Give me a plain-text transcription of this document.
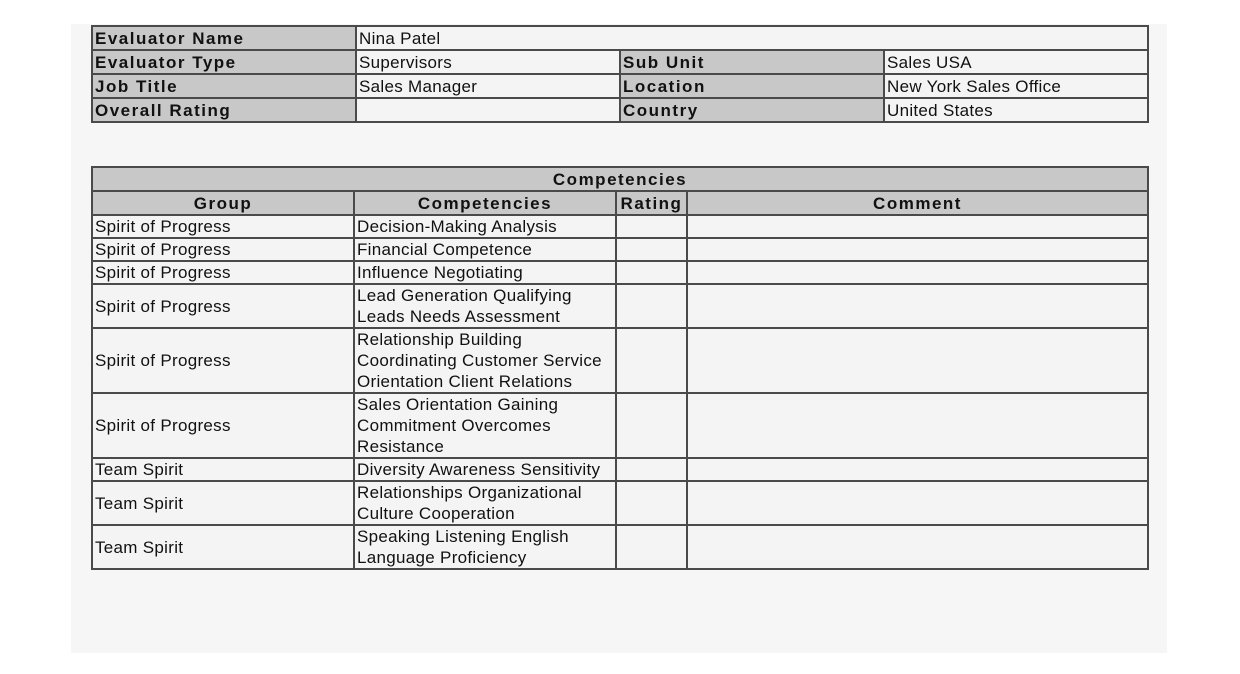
Evaluator Name	Nina Patel		
Evaluator Type	Supervisors	Sub Unit	Sales USA
Job Title	Sales Manager	Location	New York Sales Office
Overall Rating		Country	United States
Competencies			
Group	Competencies	Rating	Comment
Spirit of Progress	Decision-Making Analysis		
Spirit of Progress	Financial Competence		
Spirit of Progress	Influence Negotiating		
Spirit of Progress	Lead Generation Qualifying Leads Needs Assessment		
Spirit of Progress	Relationship Building Coordinating Customer Service Orientation Client Relations		
Spirit of Progress	Sales Orientation Gaining Commitment Overcomes Resistance		
Team Spirit	Diversity Awareness Sensitivity		
Team Spirit	Relationships Organizational Culture Cooperation		
Team Spirit	Speaking Listening English Language Proficiency		
